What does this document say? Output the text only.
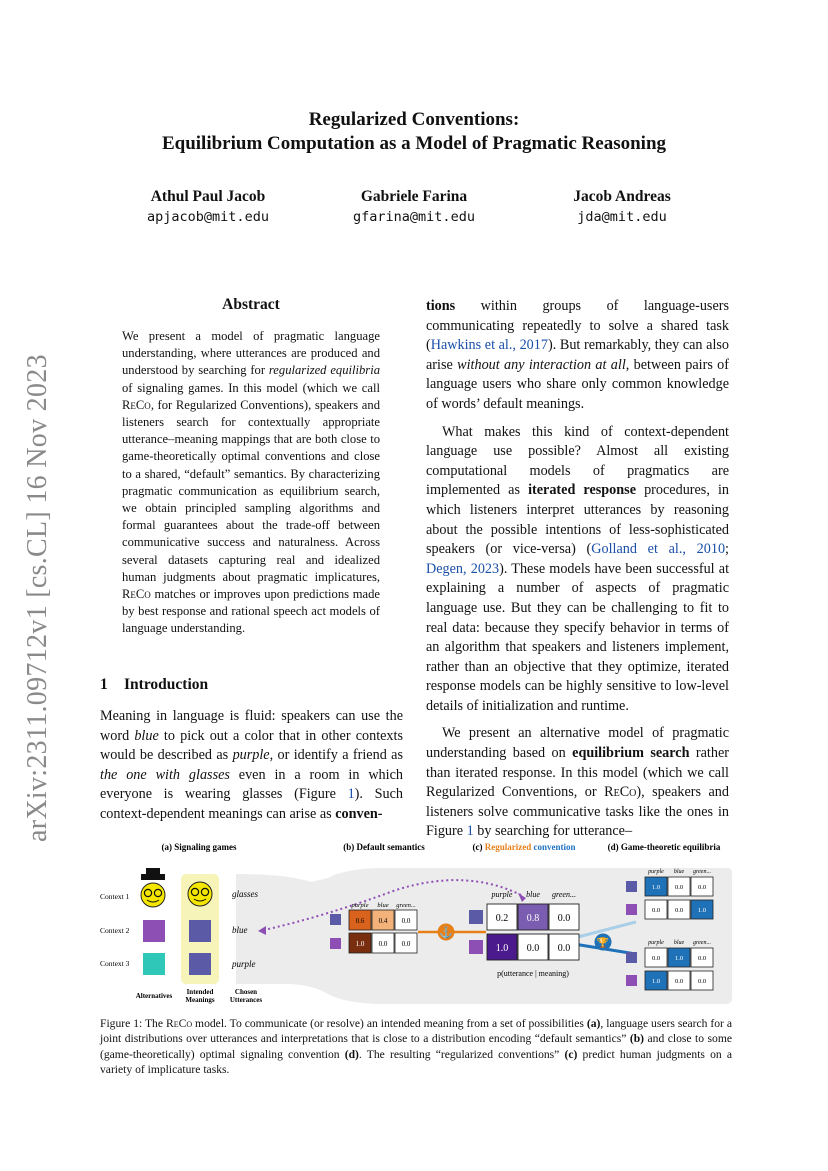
Regularized Conventions:
Equilibrium Computation as a Model of Pragmatic Reasoning
Athul Paul Jacob
apjacob@mit.edu
Gabriele Farina
gfarina@mit.edu
Jacob Andreas
jda@mit.edu
arXiv:2311.09712v1 [cs.CL] 16 Nov 2023
Abstract
We present a model of pragmatic language understanding, where utterances are produced and understood by searching for regularized equilibria of signaling games. In this model (which we call ReCo, for Regularized Conventions), speakers and listeners search for contextually appropriate utterance–meaning mappings that are both close to game-theoretically optimal conventions and close to a shared, “default” semantics. By characterizing pragmatic communication as equilibrium search, we obtain principled sampling algorithms and formal guarantees about the trade-off between communicative success and naturalness. Across several datasets capturing real and idealized human judgments about pragmatic implicatures, ReCo matches or improves upon predictions made by best response and rational speech act models of language understanding.
1 Introduction

Meaning in language is fluid: speakers can use the word blue to pick out a color that in other contexts would be described as purple, or identify a friend as the one with glasses even in a room in which everyone is wearing glasses (Figure 1). Such context-dependent meanings can arise as conven-

tions within groups of language-users communicating repeatedly to solve a shared task (Hawkins et al., 2017). But remarkably, they can also arise without any interaction at all, between pairs of language users who share only common knowledge of words’ default meanings.

What makes this kind of context-dependent language use possible? Almost all existing computational models of pragmatics are implemented as iterated response procedures, in which listeners interpret utterances by reasoning about the possible intentions of less-sophisticated speakers (or vice-versa) (Golland et al., 2010; Degen, 2023). These models have been successful at explaining a number of aspects of pragmatic language use. But they can be challenging to fit to real data: because they specify behavior in terms of an algorithm that speakers and listeners implement, rather than an objective that they optimize, iterated response models can be highly sensitive to low-level details of initialization and runtime.

We present an alternative model of pragmatic understanding based on equilibrium search rather than iterated response. In this model (which we call Regularized Conventions, or ReCo), speakers and listeners solve communicative tasks like the ones in Figure 1 by searching for utterance–

(a) Signaling games	(b) Default semantics	(c) Regularized convention	(d) Game-theoretic equilibria
Context 1
Context 2
Context 3
glasses
blue
purple
Alternatives Intended
Meanings
Chosen
Utterances
⚓
🏆
purple blue green...
0.6 0.4 0.0
1.0 0.0 0.0
purple blue green...
0.2 0.8 0.0
1.0 0.0 0.0
p(utterance | meaning)
purple blue green...
1.0 0.0 0.0
0.0 0.0 1.0
purple blue green...
0.0 1.0 0.0
1.0 0.0 0.0
Figure 1: The ReCo model. To communicate (or resolve) an intended meaning from a set of possibilities (a), language users search for a joint distributions over utterances and interpretations that is close to a distribution encoding “default semantics” (b) and close to some (game-theoretically) optimal signaling convention (d). The resulting “regularized conventions” (c) predict human judgments on a variety of implicature tasks.
